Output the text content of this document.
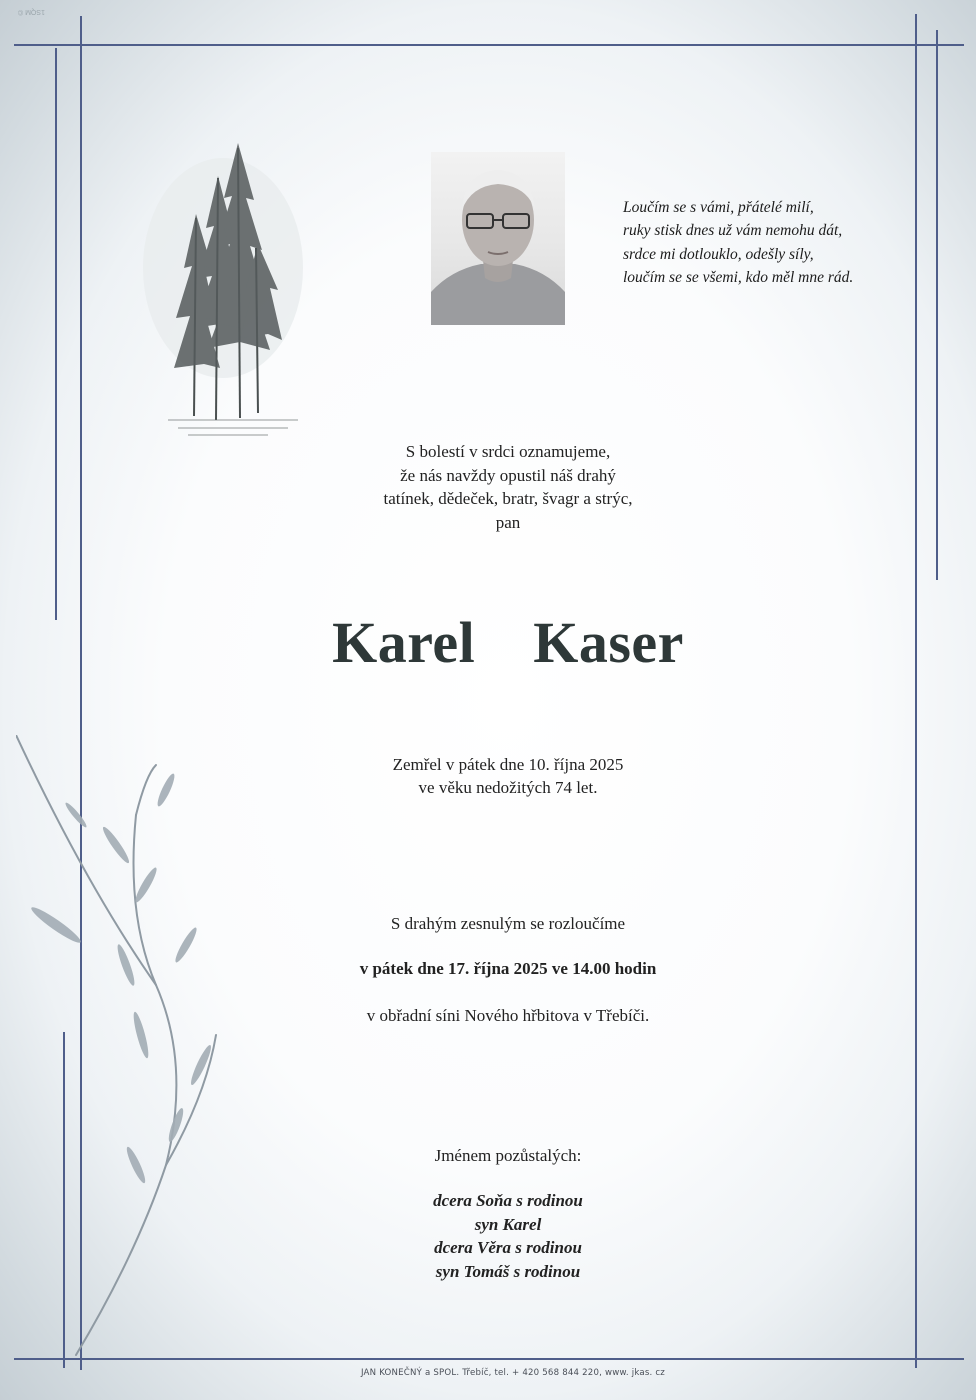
1SQM ©
Loučím se s vámi, přátelé milí,
ruky stisk dnes už vám nemohu dát,
srdce mi dotlouklo, odešly síly,
loučím se se všemi, kdo měl mne rád.
S bolestí v srdci oznamujeme,
že nás navždy opustil náš drahý
tatínek, dědeček, bratr, švagr a strýc,
pan
Karel  Kaser
Zemřel v pátek dne 10. října 2025
ve věku nedožitých 74 let.
S drahým zesnulým se rozloučíme
v pátek dne 17. října 2025 ve 14.00 hodin
v obřadní síni Nového hřbitova v Třebíči.
Jménem pozůstalých:
dcera Soňa s rodinou
syn Karel
dcera Věra s rodinou
syn Tomáš s rodinou
JAN KONEČNÝ a SPOL. Třebíč, tel. + 420 568 844 220, www. jkas. cz
